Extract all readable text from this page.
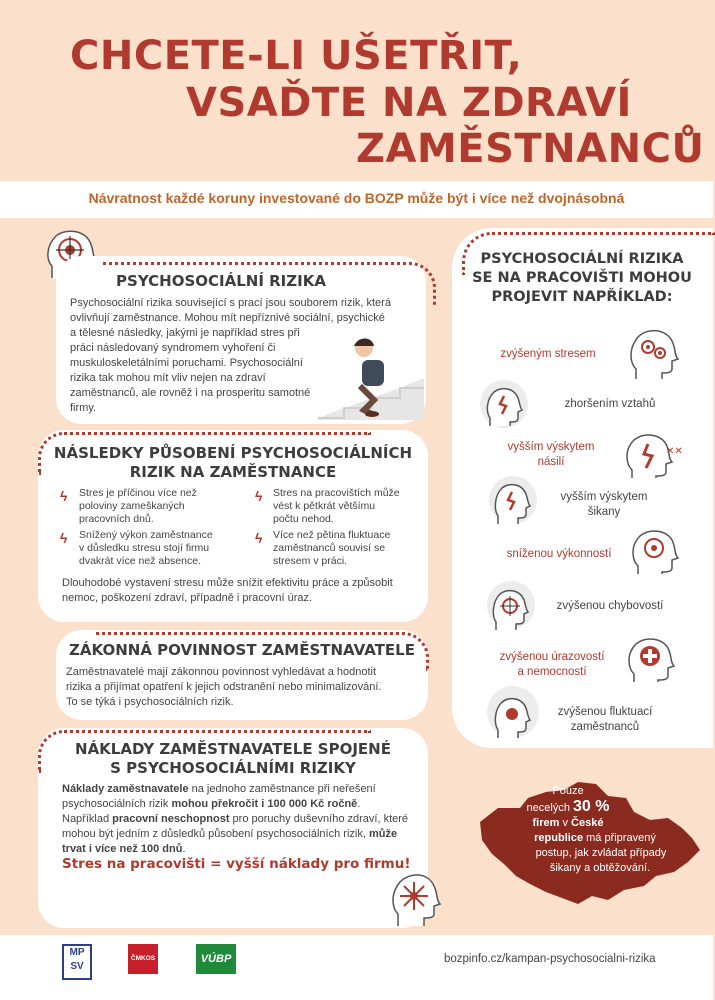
CHCETE-LI UŠETŘIT,
VSAĎTE NA ZDRAVÍ
ZAMĚSTNANCŮ
Návratnost každé koruny investované do BOZP může být i více než dvojnásobná
PSYCHOSOCIÁLNÍ RIZIKA
Psychosociální rizika související s prací jsou souborem rizik, která
ovlivňují zaměstnance. Mohou mít nepříznivé sociální, psychické
a tělesné následky, jakými je například stres při
práci následovaný syndromem vyhoření či
muskuloskeletálními poruchami. Psychosociální
rizika tak mohou mít vliv nejen na zdraví
zaměstnanců, ale rovněž i na prosperitu samotné
firmy.
NÁSLEDKY PŮSOBENÍ PSYCHOSOCIÁLNÍCH
RIZIK NA ZAMĚSTNANCE
ϟ Stres je příčinou více než
poloviny zameškaných
pracovních dnů.
ϟ Stres na pracovištích může
vést k pětkrát většímu
počtu nehod.
ϟ Snížený výkon zaměstnance
v důsledku stresu stojí firmu
dvakrát více než absence.
ϟ Více než pětina fluktuace
zaměstnanců souvisí se
stresem v práci.
Dlouhodobé vystavení stresu může snížit efektivitu práce a způsobit
nemoc, poškození zdraví, případně i pracovní úraz.
ZÁKONNÁ POVINNOST ZAMĚSTNAVATELE
Zaměstnavatelé mají zákonnou povinnost vyhledávat a hodnotit
rizika a přijímat opatření k jejich odstranění nebo minimalizování.
To se týká i psychosociálních rizik.
NÁKLADY ZAMĚSTNAVATELE SPOJENÉ
S PSYCHOSOCIÁLNÍMI RIZIKY
Náklady zaměstnavatele na jednoho zaměstnance při neřešení
psychosociálních rizik mohou překročit i 100 000 Kč ročně.
Například pracovní neschopnost pro poruchy duševního zdraví, které
mohou být jedním z důsledků působení psychosociálních rizik, může
trvat i více než 100 dnů.
Stres na pracovišti = vyšší náklady pro firmu!
PSYCHOSOCIÁLNÍ RIZIKA
SE NA PRACOVIŠTI MOHOU
PROJEVIT NAPŘÍKLAD:
zvýšeným stresem
zhoršením vztahů
vyšším výskytem
násilí
✕✕
vyšším výskytem
šikany
sníženou výkonností
zvýšenou chybovostí
zvýšenou úrazovostí
a nemocností
zvýšenou fluktuací
zaměstnanců
Pouze
necelých 30 %
firem v České
republice má připravený
postup, jak zvládat případy
šikany a obtěžování.
MP
SV
ČMKOS	VÚBP	bozpinfo.cz/kampan-psychosocialni-rizika
